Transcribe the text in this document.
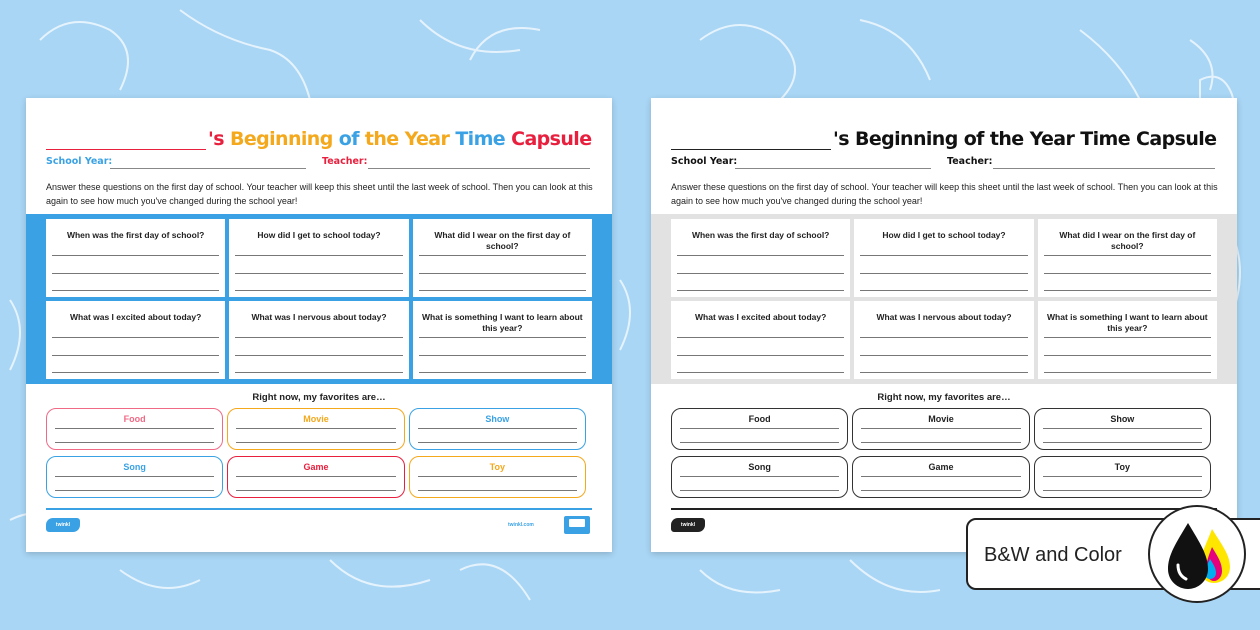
's Beginning of the Year Time Capsule
School Year:	Teacher:

Answer these questions on the first day of school. Your teacher will keep this sheet until the last week of school. Then you can look at this again to see how much you've changed during the school year!

When was the first day of school?	How did I get to school today?	What did I wear on the first day of school?
What was I excited about today?	What was I nervous about today?	What is something I want to learn about this year?
Right now, my favorites are…
Food	Movie	Show
Song	Game	Toy
twinkl	twinkl.com
's Beginning of the Year Time Capsule
School Year:	Teacher:

Answer these questions on the first day of school. Your teacher will keep this sheet until the last week of school. Then you can look at this again to see how much you've changed during the school year!

When was the first day of school?	How did I get to school today?	What did I wear on the first day of school?
What was I excited about today?	What was I nervous about today?	What is something I want to learn about this year?
Right now, my favorites are…
Food	Movie	Show
Song	Game	Toy
twinkl
B&W and Color
